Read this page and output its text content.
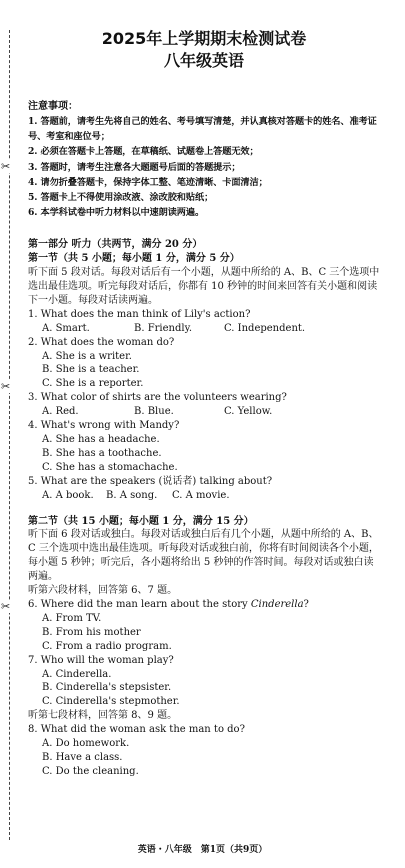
✂
✂
✂
2025年上学期期末检测试卷
八年级英语
注意事项：

1. 答题前，请考生先将自己的姓名、考号填写清楚，并认真核对答题卡的姓名、准考证号、考室和座位号；

2. 必须在答题卡上答题，在草稿纸、试题卷上答题无效；

3. 答题时，请考生注意各大题题号后面的答题提示；

4. 请勿折叠答题卡，保持字体工整、笔迹清晰、卡面清洁；

5. 答题卡上不得使用涂改液、涂改胶和贴纸；

6. 本学科试卷中听力材料以中速朗读两遍。

第一部分 听力（共两节，满分 20 分）
第一节（共 5 小题；每小题 1 分，满分 5 分）

听下面 5 段对话。每段对话后有一个小题，从题中所给的 A、B、C 三个选项中选出最佳选项。听完每段对话后，你都有 10 秒钟的时间来回答有关小题和阅读下一小题。每段对话读两遍。

1. What does the man think of Lily's action?

A. Smart.	B. Friendly.	C. Independent.

2. What does the woman do?

A. She is a writer.

B. She is a teacher.

C. She is a reporter.

3. What color of shirts are the volunteers wearing?

A. Red.	B. Blue.	C. Yellow.

4. What's wrong with Mandy?

A. She has a headache.

B. She has a toothache.

C. She has a stomachache.

5. What are the speakers (说话者) talking about?

A. A book.	B. A song.	C. A movie.
第二节（共 15 小题；每小题 1 分，满分 15 分）

听下面 6 段对话或独白。每段对话或独白后有几个小题，从题中所给的 A、B、C 三个选项中选出最佳选项。听每段对话或独白前，你将有时间阅读各个小题，每小题 5 秒钟；听完后，各小题将给出 5 秒钟的作答时间。每段对话或独白读两遍。

听第六段材料，回答第 6、7 题。

6. Where did the man learn about the story Cinderella?

A. From TV.

B. From his mother

C. From a radio program.

7. Who will the woman play?

A. Cinderella.

B. Cinderella's stepsister.

C. Cinderella's stepmother.

听第七段材料，回答第 8、9 题。

8. What did the woman ask the man to do?

A. Do homework.

B. Have a class.

C. Do the cleaning.

英语・八年级　第1页（共9页）
